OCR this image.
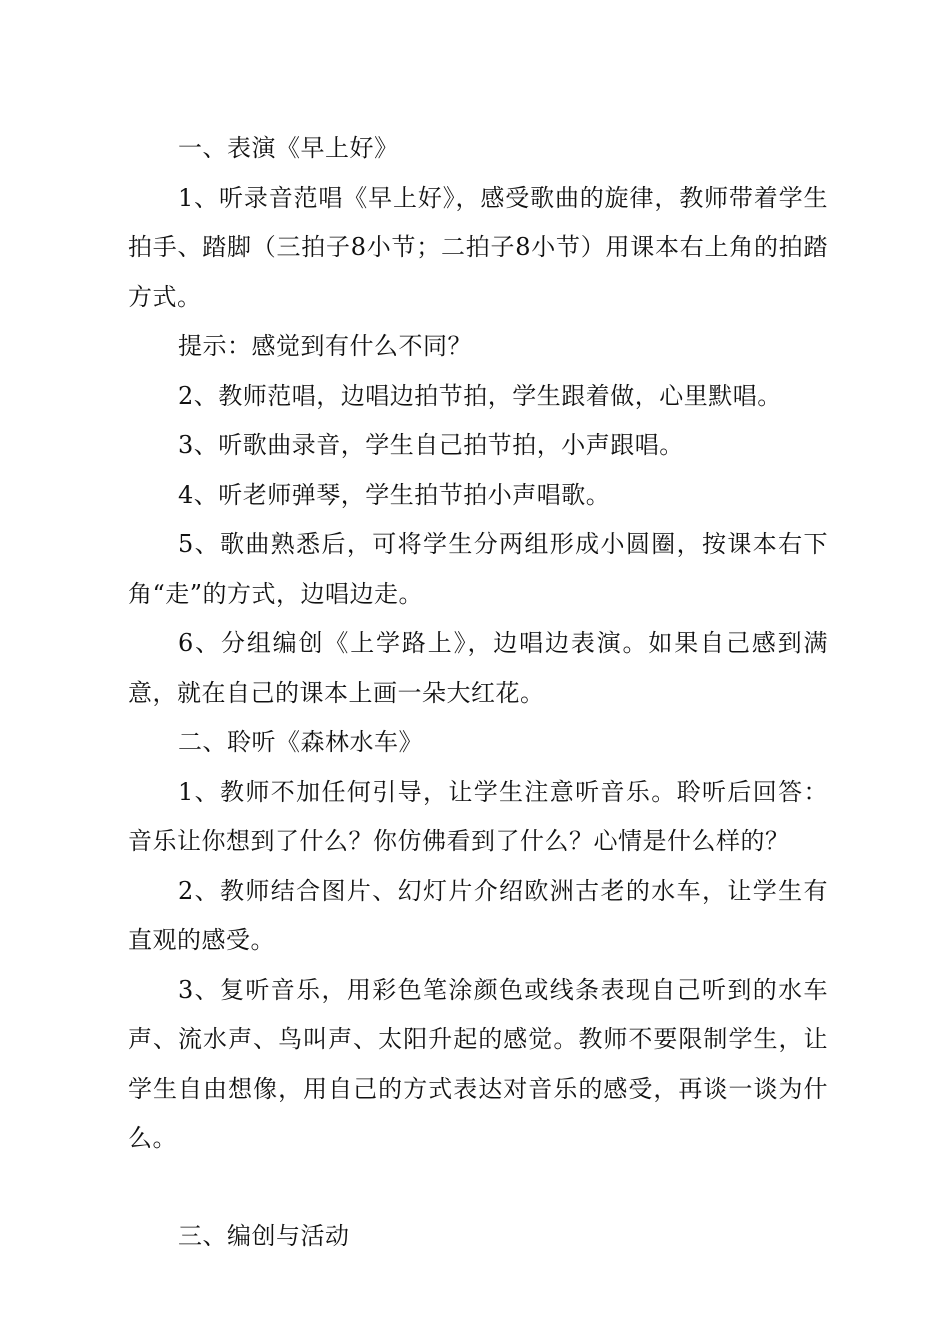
一、表演《早上好》

1、听录音范唱《早上好》，感受歌曲的旋律，教师带着学生拍手、踏脚（三拍子8小节；二拍子8小节）用课本右上角的拍踏方式。

提示：感觉到有什么不同？

2、教师范唱，边唱边拍节拍，学生跟着做，心里默唱。

3、听歌曲录音，学生自己拍节拍，小声跟唱。

4、听老师弹琴，学生拍节拍小声唱歌。

5、歌曲熟悉后，可将学生分两组形成小圆圈，按课本右下角“走”的方式，边唱边走。

6、分组编创《上学路上》，边唱边表演。如果自己感到满意，就在自己的课本上画一朵大红花。

二、聆听《森林水车》

1、教师不加任何引导，让学生注意听音乐。聆听后回答：音乐让你想到了什么？你仿佛看到了什么？心情是什么样的？

2、教师结合图片、幻灯片介绍欧洲古老的水车，让学生有直观的感受。

3、复听音乐，用彩色笔涂颜色或线条表现自己听到的水车声、流水声、鸟叫声、太阳升起的感觉。教师不要限制学生，让学生自由想像，用自己的方式表达对音乐的感受，再谈一谈为什么。

三、编创与活动
